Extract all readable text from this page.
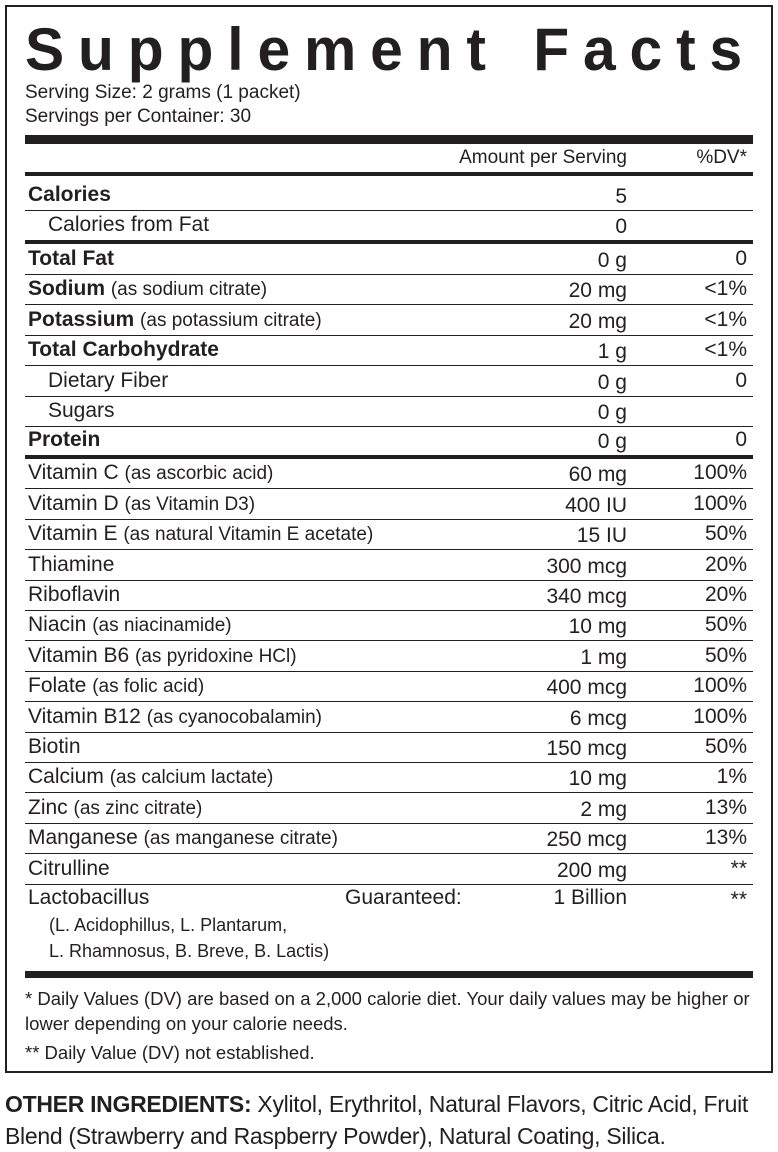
S u p p l e m e n t F a c t s
Serving Size: 2 grams (1 packet)
Servings per Container: 30
Amount per Serving	%DV*
Calories	5
Calories from Fat	0
Total Fat	0 g	0
Sodium (as sodium citrate)	20 mg	<1%
Potassium (as potassium citrate)	20 mg	<1%
Total Carbohydrate	1 g	<1%
Dietary Fiber	0 g	0
Sugars	0 g
Protein	0 g	0
Vitamin C (as ascorbic acid)	60 mg	100%
Vitamin D (as Vitamin D3)	400 IU	100%
Vitamin E (as natural Vitamin E acetate)	15 IU	50%
Thiamine	300 mcg	20%
Riboflavin	340 mcg	20%
Niacin (as niacinamide)	10 mg	50%
Vitamin B6 (as pyridoxine HCl)	1 mg	50%
Folate (as folic acid)	400 mcg	100%
Vitamin B12 (as cyanocobalamin)	6 mcg	100%
Biotin	150 mcg	50%
Calcium (as calcium lactate)	10 mg	1%
Zinc (as zinc citrate)	2 mg	13%
Manganese (as manganese citrate)	250 mcg	13%
Citrulline	200 mg	**
Lactobacillus	Guaranteed:	1 Billion	**
(L. Acidophillus, L. Plantarum,
L. Rhamnosus, B. Breve, B. Lactis)
* Daily Values (DV) are based on a 2,000 calorie diet. Your daily values may be higher or lower depending on your calorie needs.
** Daily Value (DV) not established.
OTHER INGREDIENTS: Xylitol, Erythritol, Natural Flavors, Citric Acid, Fruit Blend (Strawberry and Raspberry Powder), Natural Coating, Silica.
